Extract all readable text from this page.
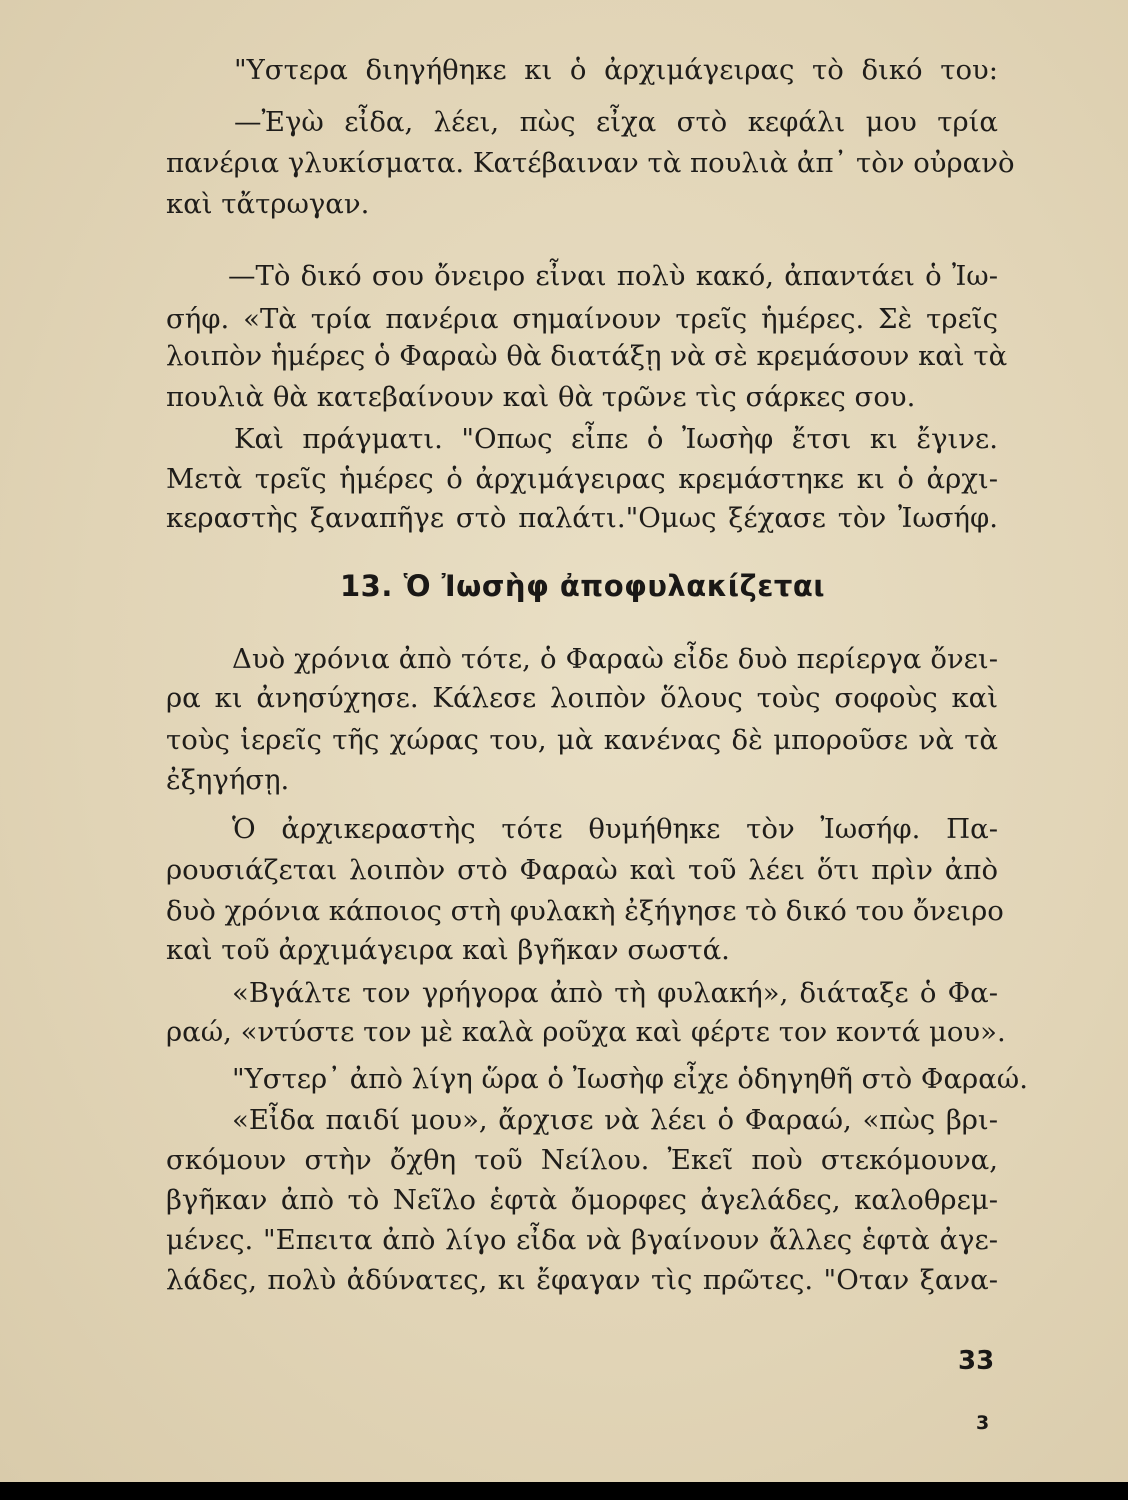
"Υστερα διηγήθηκε κι ὁ ἀρχιμάγειρας τὸ δικό του:
—Ἐγὼ εἶδα, λέει, πὼς εἶχα στὸ κεφάλι μου τρία
πανέρια γλυκίσματα. Κατέβαιναν τὰ πουλιὰ ἀπ᾽ τὸν οὐρανὸ
καὶ τἄτρωγαν.
—Τὸ δικό σου ὄνειρο εἶναι πολὺ κακό, ἀπαντάει ὁ Ἰω-
σήφ. «Τὰ τρία πανέρια σημαίνουν τρεῖς ἡμέρες. Σὲ τρεῖς
λοιπὸν ἡμέρες ὁ Φαραὼ θὰ διατάξῃ νὰ σὲ κρεμάσουν καὶ τὰ
πουλιὰ θὰ κατεβαίνουν καὶ θὰ τρῶνε τὶς σάρκες σου.
Καὶ πράγματι. "Οπως εἶπε ὁ Ἰωσὴφ ἔτσι κι ἔγινε.
Μετὰ τρεῖς ἡμέρες ὁ ἀρχιμάγειρας κρεμάστηκε κι ὁ ἀρχι-
κεραστὴς ξαναπῆγε στὸ παλάτι."Ομως ξέχασε τὸν Ἰωσήφ.
13. Ὁ Ἰωσὴφ ἀποφυλακίζεται
Δυὸ χρόνια ἀπὸ τότε, ὁ Φαραὼ εἶδε δυὸ περίεργα ὄνει-
ρα κι ἀνησύχησε. Κάλεσε λοιπὸν ὅλους τοὺς σοφοὺς καὶ
τοὺς ἱερεῖς τῆς χώρας του, μὰ κανένας δὲ μποροῦσε νὰ τὰ
ἐξηγήσῃ.
Ὁ ἀρχικεραστὴς τότε θυμήθηκε τὸν Ἰωσήφ. Πα-
ρουσιάζεται λοιπὸν στὸ Φαραὼ καὶ τοῦ λέει ὅτι πρὶν ἀπὸ
δυὸ χρόνια κάποιος στὴ φυλακὴ ἐξήγησε τὸ δικό του ὄνειρο
καὶ τοῦ ἀρχιμάγειρα καὶ βγῆκαν σωστά.
«Βγάλτε τον γρήγορα ἀπὸ τὴ φυλακή», διάταξε ὁ Φα-
ραώ, «ντύστε τον μὲ καλὰ ροῦχα καὶ φέρτε τον κοντά μου».
"Υστερ᾽ ἀπὸ λίγη ὥρα ὁ Ἰωσὴφ εἶχε ὁδηγηθῆ στὸ Φαραώ.
«Εἶδα παιδί μου», ἄρχισε νὰ λέει ὁ Φαραώ, «πὼς βρι-
σκόμουν στὴν ὄχθη τοῦ Νείλου. Ἐκεῖ ποὺ στεκόμουνα,
βγῆκαν ἀπὸ τὸ Νεῖλο ἑφτὰ ὄμορφες ἀγελάδες, καλοθρεμ-
μένες. "Επειτα ἀπὸ λίγο εἶδα νὰ βγαίνουν ἄλλες ἑφτὰ ἀγε-
λάδες, πολὺ ἀδύνατες, κι ἔφαγαν τὶς πρῶτες. "Οταν ξανα-
33
3
